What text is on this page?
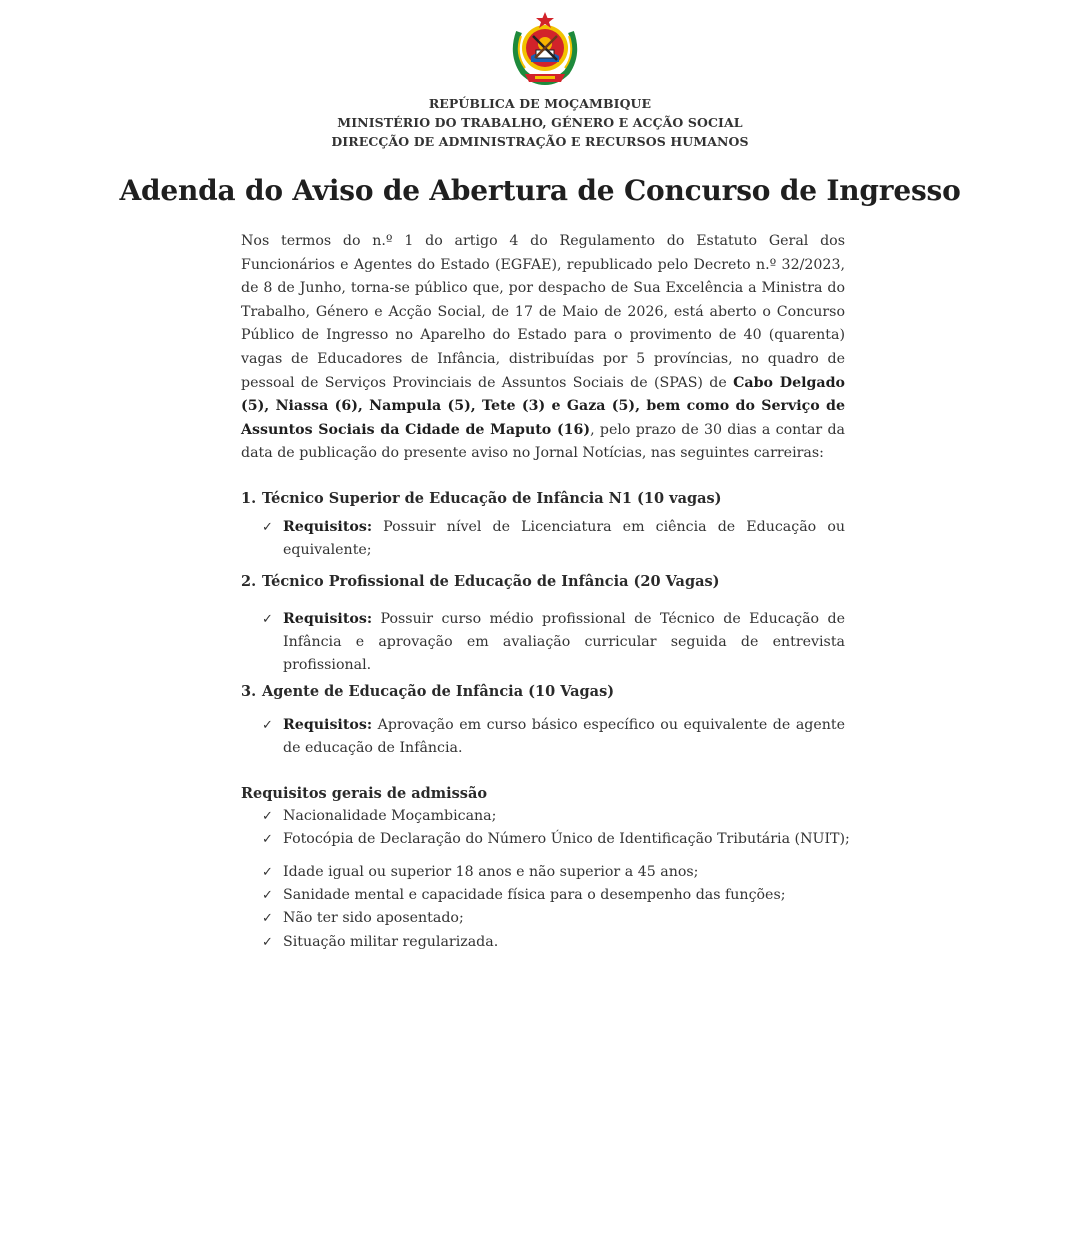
REPÚBLICA DE MOÇAMBIQUE
MINISTÉRIO DO TRABALHO, GÉNERO E ACÇÃO SOCIAL
DIRECÇÃO DE ADMINISTRAÇÃO E RECURSOS HUMANOS
Adenda do Aviso de Abertura de Concurso de Ingresso
Nos termos do n.º 1 do artigo 4 do Regulamento do Estatuto Geral dos Funcionários e Agentes do Estado (EGFAE), republicado pelo Decreto n.º 32/2023, de 8 de Junho, torna-se público que, por despacho de Sua Excelência a Ministra do Trabalho, Género e Acção Social, de 17 de Maio de 2026, está aberto o Concurso Público de Ingresso no Aparelho do Estado para o provimento de 40 (quarenta) vagas de Educadores de Infância, distribuídas por 5 províncias, no quadro de pessoal de Serviços Provinciais de Assuntos Sociais de (SPAS) de Cabo Delgado (5), Niassa (6), Nampula (5), Tete (3) e Gaza (5), bem como do Serviço de Assuntos Sociais da Cidade de Maputo (16), pelo prazo de 30 dias a contar da data de publicação do presente aviso no Jornal Notícias, nas seguintes carreiras:
1. Técnico Superior de Educação de Infância N1 (10 vagas)
✓ Requisitos: Possuir nível de Licenciatura em ciência de Educação ou equivalente;
2. Técnico Profissional de Educação de Infância (20 Vagas)
✓ Requisitos: Possuir curso médio profissional de Técnico de Educação de Infância e aprovação em avaliação curricular seguida de entrevista profissional.
3. Agente de Educação de Infância (10 Vagas)
✓ Requisitos: Aprovação em curso básico específico ou equivalente de agente de educação de Infância.
Requisitos gerais de admissão
✓ Nacionalidade Moçambicana;
✓ Fotocópia de Declaração do Número Único de Identificação Tributária (NUIT);
✓ Idade igual ou superior 18 anos e não superior a 45 anos;
✓ Sanidade mental e capacidade física para o desempenho das funções;
✓ Não ter sido aposentado;
✓ Situação militar regularizada.
